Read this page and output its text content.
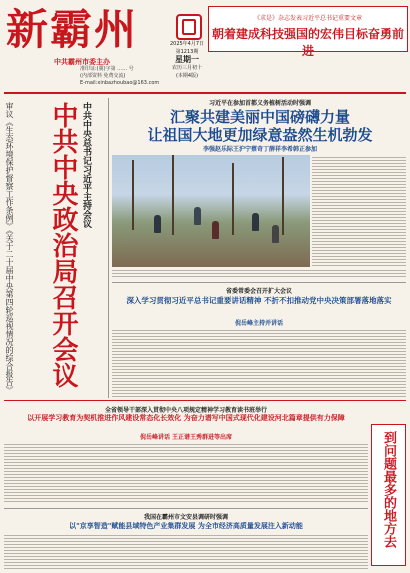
新霸州
中共霸州市委主办
准印证:(冀)字第 …… 号
(内部资料 免费交流)
E-mail:xinbazhoubao@163.com
2025年4月7日
第1213期
星期一
农历三月初十
(本期4版)
《求是》杂志发表习近平总书记重要文章
朝着建成科技强国的宏伟目标奋勇前进
中共中央政治局召开会议 中共中央总书记习近平主持会议
审议《生态环境保护督察工作条例》《关于二十届中央第四轮巡视情况的综合报告》	习近平在参加首都义务植树活动时强调
汇聚共建美丽中国磅礴力量
让祖国大地更加绿意盎然生机勃发
李强赵乐际王沪宁蔡奇丁薛祥李希韩正参加
省委常委会召开扩大会议
深入学习贯彻习近平总书记重要讲话精神 不折不扣推动党中央决策部署落地落实
倪岳峰主持并讲话
全省领导干部深入贯彻中央八项规定精神学习教育读书班举行
以开展学习教育为契机推进作风建设常态化长效化 为奋力谱写中国式现代化建设河北篇章提供有力保障
倪岳峰讲话 王正谱王秀群进等出席
我国在霸州市文安县调研时强调
以"京享智造"赋能县域特色产业集群发展 为全市经济高质量发展注入新动能	到问题最多的地方去
